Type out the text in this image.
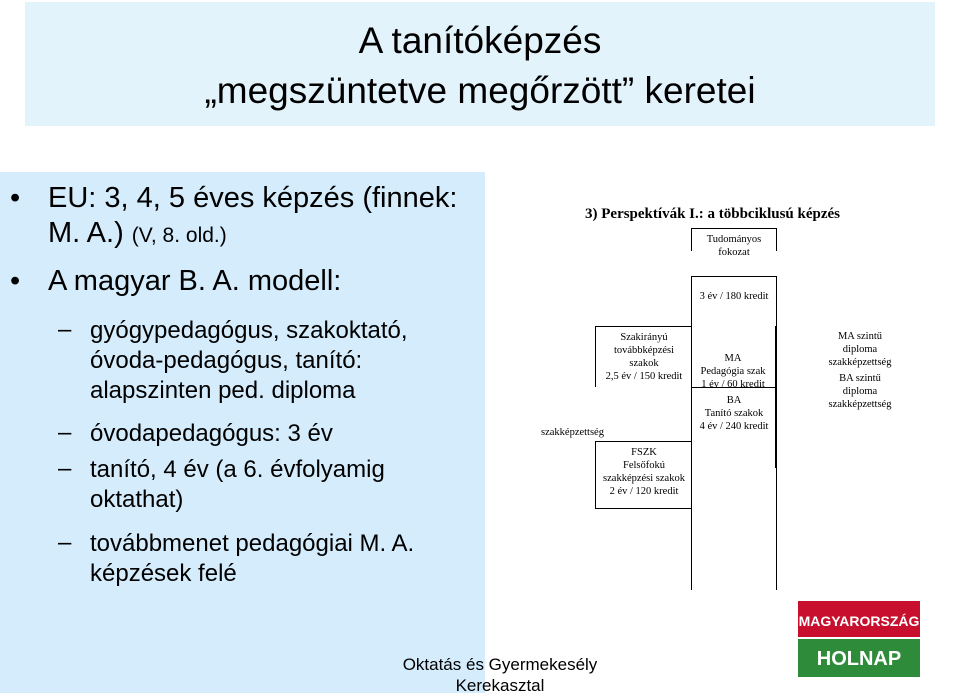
A tanítóképzés
„megszüntetve megőrzött” keretei
• EU: 3, 4, 5 éves képzés (finnek: M. A.) (V, 8. old.)
• A magyar B. A. modell:
– gyógypedagógus, szakoktató, óvoda-pedagógus, tanító: alapszinten ped. diploma
– óvodapedagógus: 3 év
– tanító, 4 év (a 6. évfolyamig oktathat)
– továbbmenet pedagógiai M. A. képzések felé
3) Perspektívák I.: a többciklusú képzés
Tudományos fokozat
3 év / 180 kredit
Szakirányú
továbbképzési
szakok
2,5 év / 150 kredit
MA
Pedagógia szak
1 év / 60 kredit
BA
Tanító szakok
4 év / 240 kredit
MA szintű
diploma
szakképzettség
BA szintű
diploma
szakképzettség
szakképzettség
FSZK
Felsőfokú
szakképzési szakok
2 év / 120 kredit
Oktatás és Gyermekesély
Kerekasztal
MAGYARORSZÁG
HOLNAP
